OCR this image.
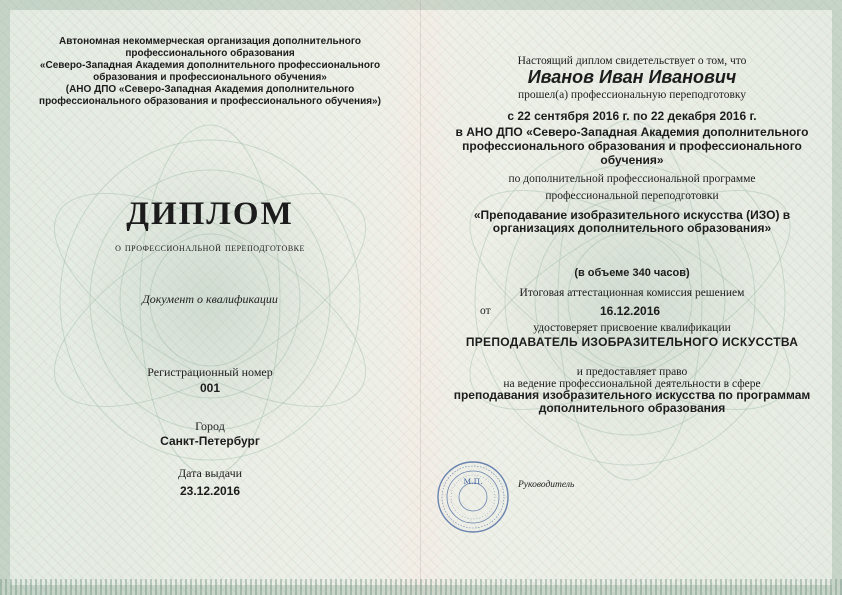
Автономная некоммерческая организация дополнительного
профессионального образования
«Северо-Западная Академия дополнительного профессионального
образования и профессионального обучения»
(АНО ДПО «Северо-Западная Академия дополнительного
профессионального образования и профессионального обучения»)

ДИПЛОМ

о профессиональной переподготовке

Документ о квалификации

Регистрационный номер

001

Город

Санкт-Петербург

Дата выдачи

23.12.2016

Настоящий диплом свидетельствует о том, что

Иванов Иван Иванович

прошел(а) профессиональную переподготовку

с 22 сентября 2016 г. по 22 декабря 2016 г.

в АНО ДПО «Северо-Западная Академия дополнительного профессионального образования и профессионального обучения»

по дополнительной профессиональной программе

профессиональной переподготовки

«Преподавание изобразительного искусства (ИЗО) в организациях дополнительного образования»

(в объеме 340 часов)

Итоговая аттестационная комиссия решением

от	16.12.2016

удостоверяет присвоение квалификации

ПРЕПОДАВАТЕЛЬ ИЗОБРАЗИТЕЛЬНОГО ИСКУССТВА

и предоставляет право

на ведение профессиональной деятельности в сфере

преподавания изобразительного искусства по программам дополнительного образования

М.П.	Руководитель
